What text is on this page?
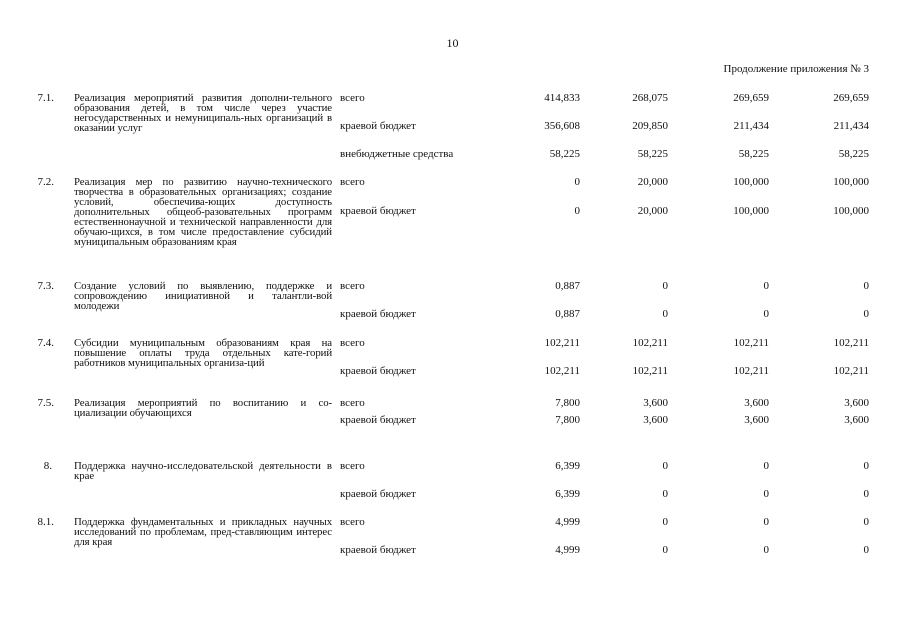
10
Продолжение приложения № 3
7.1. Реализация мероприятий развития дополни-тельного образования детей, в том числе через участие негосударственных и немуниципаль-ных организаций в оказании услуг
всего	414,833	268,075	269,659	269,659
краевой бюджет	356,608	209,850	211,434	211,434
внебюджетные средства	58,225	58,225	58,225	58,225
7.2. Реализация мер по развитию научно-технического творчества в образовательных организациях; создание условий, обеспечива-ющих доступность дополнительных общеоб-разовательных программ естественнонаучной и технической направленности для обучаю-щихся, в том числе предоставление субсидий муниципальным образованиям края
всего	0	20,000	100,000	100,000
краевой бюджет	0	20,000	100,000	100,000
7.3. Создание условий по выявлению, поддержке и сопровождению инициативной и талантли-вой молодежи
всего	0,887	0	0	0
краевой бюджет	0,887	0	0	0
7.4. Субсидии муниципальным образованиям края на повышение оплаты труда отдельных кате-горий работников муниципальных организа-ций
всего	102,211	102,211	102,211	102,211
краевой бюджет	102,211	102,211	102,211	102,211
7.5. Реализация мероприятий по воспитанию и со-циализации обучающихся
всего	7,800	3,600	3,600	3,600
краевой бюджет	7,800	3,600	3,600	3,600
8. Поддержка научно-исследовательской деятельности в крае
всего	6,399	0	0	0
краевой бюджет	6,399	0	0	0
8.1. Поддержка фундаментальных и прикладных научных исследований по проблемам, пред-ставляющим интерес для края
всего	4,999	0	0	0
краевой бюджет	4,999	0	0	0
